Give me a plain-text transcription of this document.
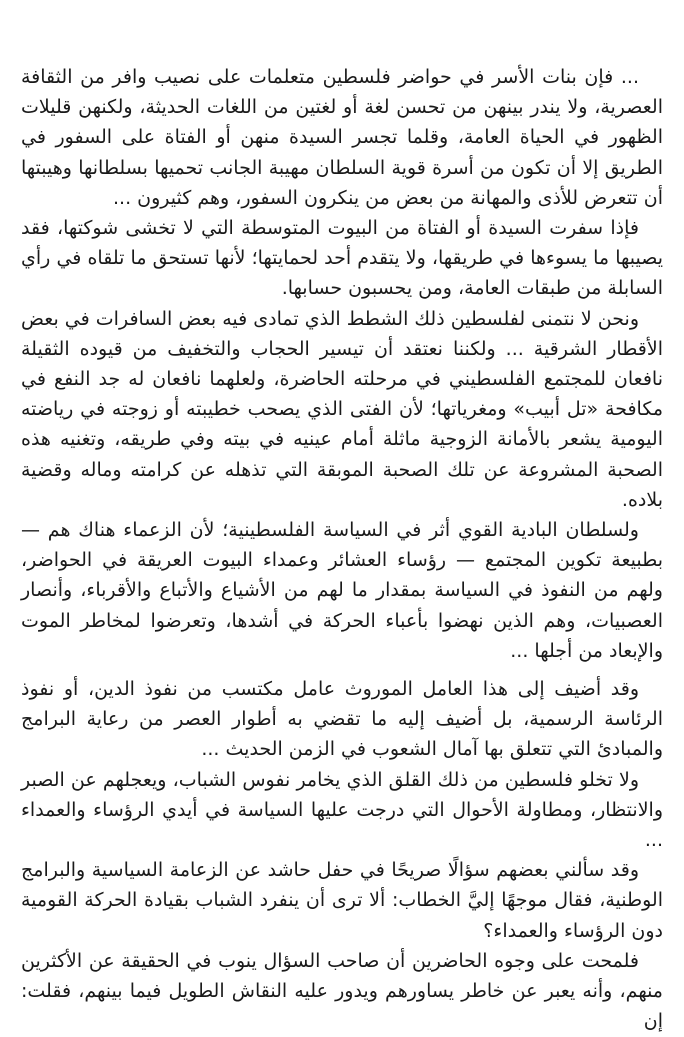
... فإن بنات الأسر في حواضر فلسطين متعلمات على نصيب وافر من الثقافة العصرية، ولا يندر بينهن من تحسن لغة أو لغتين من اللغات الحديثة، ولكنهن قليلات الظهور في الحياة العامة، وقلما تجسر السيدة منهن أو الفتاة على السفور في الطريق إلا أن تكون من أسرة قوية السلطان مهيبة الجانب تحميها بسلطانها وهيبتها أن تتعرض للأذى والمهانة من بعض من ينكرون السفور، وهم كثيرون ...

فإذا سفرت السيدة أو الفتاة من البيوت المتوسطة التي لا تخشى شوكتها، فقد يصيبها ما يسوءها في طريقها، ولا يتقدم أحد لحمايتها؛ لأنها تستحق ما تلقاه في رأي السابلة من طبقات العامة، ومن يحسبون حسابها.

ونحن لا نتمنى لفلسطين ذلك الشطط الذي تمادى فيه بعض السافرات في بعض الأقطار الشرقية ... ولكننا نعتقد أن تيسير الحجاب والتخفيف من قيوده الثقيلة نافعان للمجتمع الفلسطيني في مرحلته الحاضرة، ولعلهما نافعان له جد النفع في مكافحة «تل أبيب» ومغرياتها؛ لأن الفتى الذي يصحب خطيبته أو زوجته في رياضته اليومية يشعر بالأمانة الزوجية ماثلة أمام عينيه في بيته وفي طريقه، وتغنيه هذه الصحبة المشروعة عن تلك الصحبة الموبقة التي تذهله عن كرامته وماله وقضية بلاده.

ولسلطان البادية القوي أثر في السياسة الفلسطينية؛ لأن الزعماء هناك هم — بطبيعة تكوين المجتمع — رؤساء العشائر وعمداء البيوت العريقة في الحواضر، ولهم من النفوذ في السياسة بمقدار ما لهم من الأشياع والأتباع والأقرباء، وأنصار العصبيات، وهم الذين نهضوا بأعباء الحركة في أشدها، وتعرضوا لمخاطر الموت والإبعاد من أجلها ...

وقد أضيف إلى هذا العامل الموروث عامل مكتسب من نفوذ الدين، أو نفوذ الرئاسة الرسمية، بل أضيف إليه ما تقضي به أطوار العصر من رعاية البرامج والمبادئ التي تتعلق بها آمال الشعوب في الزمن الحديث ...

ولا تخلو فلسطين من ذلك القلق الذي يخامر نفوس الشباب، ويعجلهم عن الصبر والانتظار، ومطاولة الأحوال التي درجت عليها السياسة في أيدي الرؤساء والعمداء ...

وقد سألني بعضهم سؤالًا صريحًا في حفل حاشد عن الزعامة السياسية والبرامج الوطنية، فقال موجهًا إليَّ الخطاب: ألا ترى أن ينفرد الشباب بقيادة الحركة القومية دون الرؤساء والعمداء؟

فلمحت على وجوه الحاضرين أن صاحب السؤال ينوب في الحقيقة عن الأكثرين منهم، وأنه يعبر عن خاطر يساورهم ويدور عليه النقاش الطويل فيما بينهم، فقلت: إن
